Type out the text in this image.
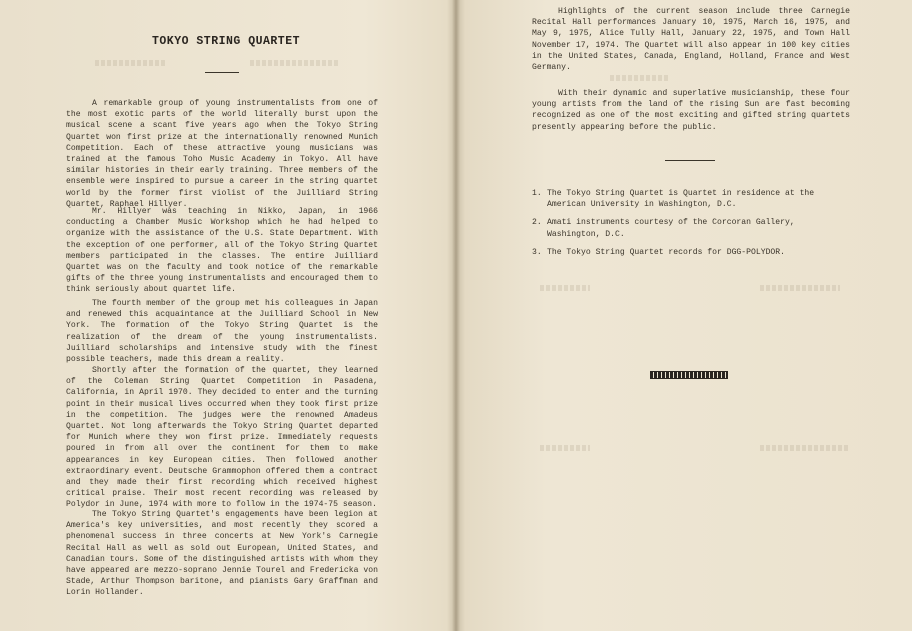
TOKYO STRING QUARTET

A remarkable group of young instrumentalists from one of the most exotic parts of the world literally burst upon the musical scene a scant five years ago when the Tokyo String Quartet won first prize at the internationally renowned Munich Competition. Each of these attractive young musicians was trained at the famous Toho Music Academy in Tokyo. All have similar histories in their early training. Three members of the ensemble were inspired to pursue a career in the string quartet world by the former first violist of the Juilliard String Quartet, Raphael Hillyer.

Mr. Hillyer was teaching in Nikko, Japan, in 1966 conducting a Chamber Music Workshop which he had helped to organize with the assistance of the U.S. State Department. With the exception of one performer, all of the Tokyo String Quartet members participated in the classes. The entire Juilliard Quartet was on the faculty and took notice of the remarkable gifts of the three young instrumentalists and encouraged them to think seriously about quartet life.

The fourth member of the group met his colleagues in Japan and renewed this acquaintance at the Juilliard School in New York. The formation of the Tokyo String Quartet is the realization of the dream of the young instrumentalists. Juilliard scholarships and intensive study with the finest possible teachers, made this dream a reality.

Shortly after the formation of the quartet, they learned of the Coleman String Quartet Competition in Pasadena, California, in April 1970. They decided to enter and the turning point in their musical lives occurred when they took first prize in the competition. The judges were the renowned Amadeus Quartet. Not long afterwards the Tokyo String Quartet departed for Munich where they won first prize. Immediately requests poured in from all over the continent for them to make appearances in key European cities. Then followed another extraordinary event. Deutsche Grammophon offered them a contract and they made their first recording which received highest critical praise. Their most recent recording was released by Polydor in June, 1974 with more to follow in the 1974-75 season.

The Tokyo String Quartet's engagements have been legion at America's key universities, and most recently they scored a phenomenal success in three concerts at New York's Carnegie Recital Hall as well as sold out European, United States, and Canadian tours. Some of the distinguished artists with whom they have appeared are mezzo-soprano Jennie Tourel and Fredericka von Stade, Arthur Thompson baritone, and pianists Gary Graffman and Lorin Hollander.

Highlights of the current season include three Carnegie Recital Hall performances January 10, 1975, March 16, 1975, and May 9, 1975, Alice Tully Hall, January 22, 1975, and Town Hall November 17, 1974. The Quartet will also appear in 100 key cities in the United States, Canada, England, Holland, France and West Germany.

With their dynamic and superlative musicianship, these four young artists from the land of the rising Sun are fast becoming recognized as one of the most exciting and gifted string quartets presently appearing before the public.

1. The Tokyo String Quartet is Quartet in residence at the American University in Washington, D.C.
2. Amati instruments courtesy of the Corcoran Gallery, Washington, D.C.
3. The Tokyo String Quartet records for DGG-POLYDOR.
